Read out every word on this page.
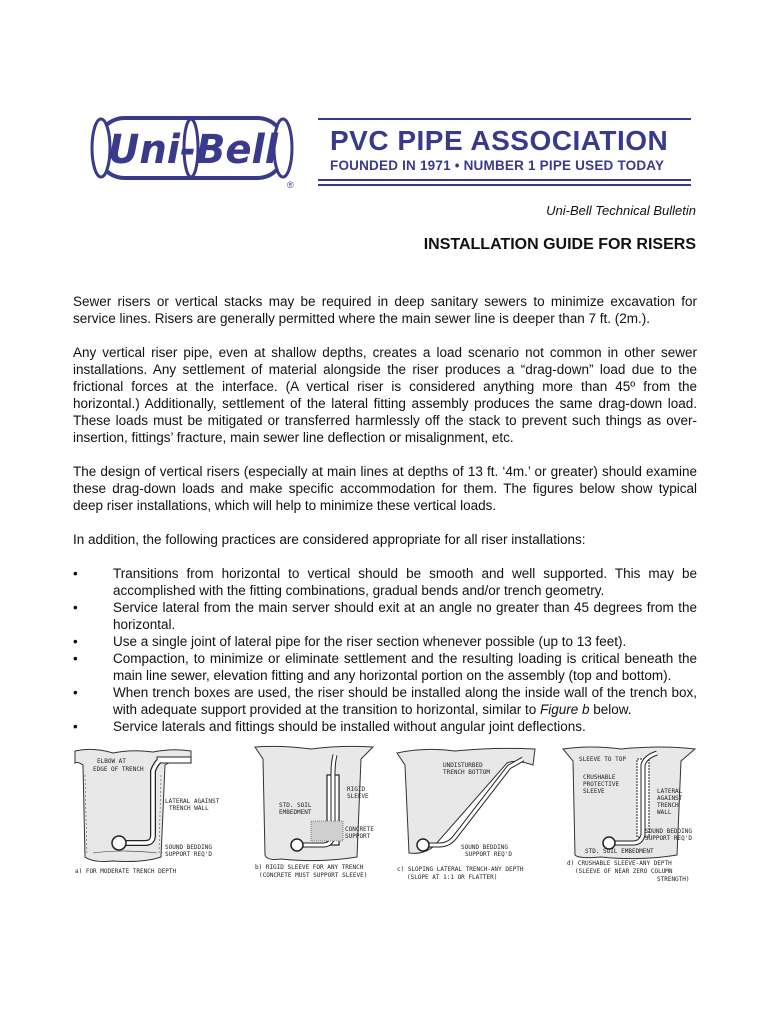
Uni-Bell
®
PVC PIPE ASSOCIATION
FOUNDED IN 1971 • NUMBER 1 PIPE USED TODAY
Uni-Bell Technical Bulletin
INSTALLATION GUIDE FOR RISERS

Sewer risers or vertical stacks may be required in deep sanitary sewers to minimize excavation for service lines. Risers are generally permitted where the main sewer line is deeper than 7 ft. (2m.).

Any vertical riser pipe, even at shallow depths, creates a load scenario not common in other sewer installations. Any settlement of material alongside the riser produces a “drag-down” load due to the frictional forces at the interface. (A vertical riser is considered anything more than 45º from the horizontal.) Additionally, settlement of the lateral fitting assembly produces the same drag-down load. These loads must be mitigated or transferred harmlessly off the stack to prevent such things as over-insertion, fittings’ fracture, main sewer line deflection or misalignment, etc.

The design of vertical risers (especially at main lines at depths of 13 ft. ‘4m.’ or greater) should examine these drag-down loads and make specific accommodation for them. The figures below show typical deep riser installations, which will help to minimize these vertical loads.

In addition, the following practices are considered appropriate for all riser installations:

•	Transitions from horizontal to vertical should be smooth and well supported. This may be accomplished with the fitting combinations, gradual bends and/or trench geometry.
•	Service lateral from the main server should exit at an angle no greater than 45 degrees from the horizontal.
•	Use a single joint of lateral pipe for the riser section whenever possible (up to 13 feet).
•	Compaction, to minimize or eliminate settlement and the resulting loading is critical beneath the main line sewer, elevation fitting and any horizontal portion on the assembly (top and bottom).
•	When trench boxes are used, the riser should be installed along the inside wall of the trench box, with adequate support provided at the transition to horizontal, similar to Figure b below.
•	Service laterals and fittings should be installed without angular joint deflections.
ELBOW AT
EDGE OF TRENCH
LATERAL AGAINST
TRENCH WALL
SOUND BEDDING
SUPPORT REQ'D
a) FOR MODERATE TRENCH DEPTH
RIGID
SLEEVE
STD. SOIL
EMBEDMENT
CONCRETE
SUPPORT
b) RIGID SLEEVE FOR ANY TRENCH
(CONCRETE MUST SUPPORT SLEEVE)
UNDISTURBED
TRENCH BOTTOM
SOUND BEDDING
SUPPORT REQ'D
c) SLOPING LATERAL TRENCH-ANY DEPTH
(SLOPE AT 1:1 OR FLATTER)
SLEEVE TO TOP
CRUSHABLE
PROTECTIVE
SLEEVE	LATERAL
AGAINST
TRENCH
WALL
SOUND BEDDING
SUPPORT REQ'D
STD. SOIL EMBEDMENT
d) CRUSHABLE SLEEVE-ANY DEPTH
(SLEEVE OF NEAR ZERO COLUMN
STRENGTH)
